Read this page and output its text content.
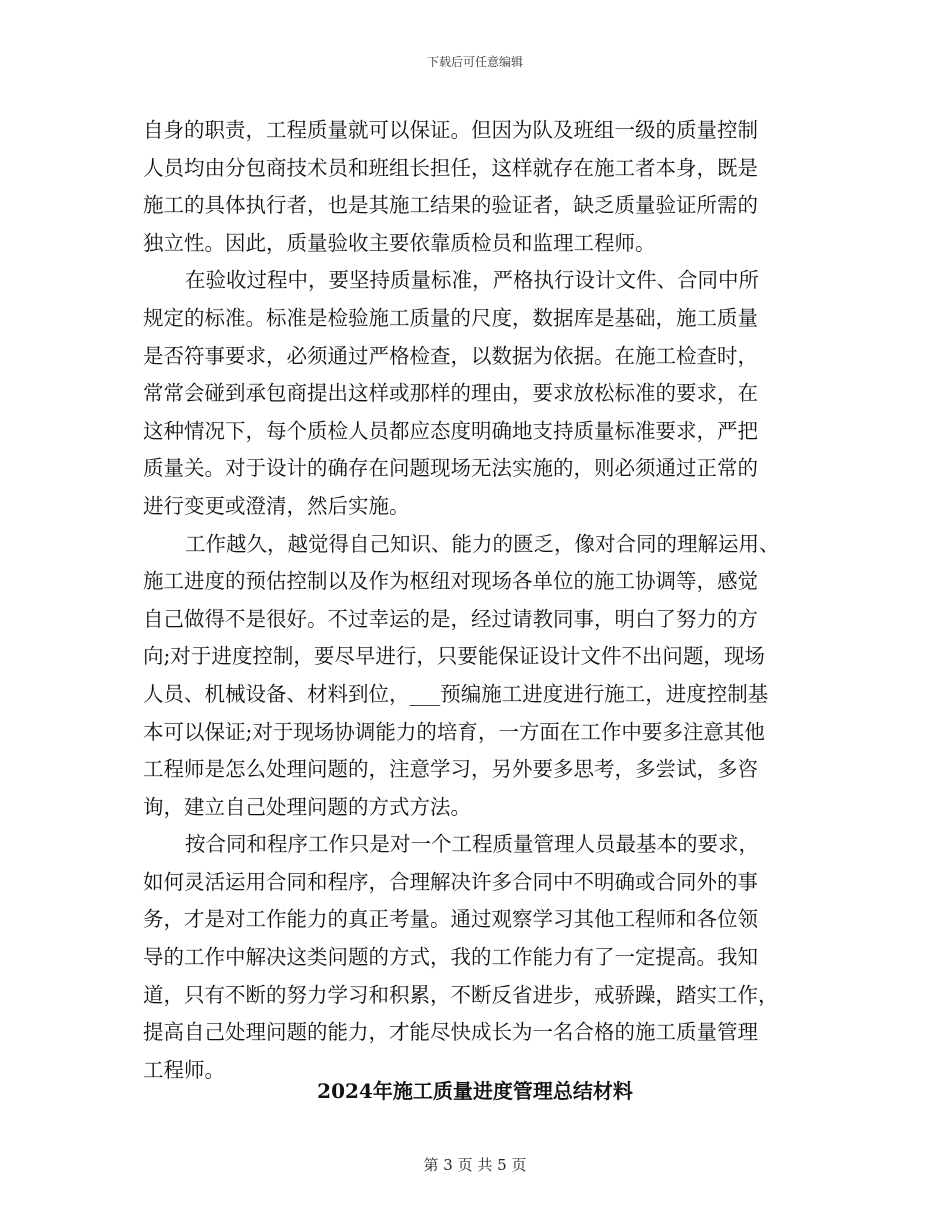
下载后可任意编辑
自身的职责，工程质量就可以保证。但因为队及班组一级的质量控制
人员均由分包商技术员和班组长担任，这样就存在施工者本身，既是
施工的具体执行者，也是其施工结果的验证者，缺乏质量验证所需的
独立性。因此，质量验收主要依靠质检员和监理工程师。
在验收过程中，要坚持质量标准，严格执行设计文件、合同中所
规定的标准。标准是检验施工质量的尺度，数据库是基础，施工质量
是否符事要求，必须通过严格检查，以数据为依据。在施工检查时，
常常会碰到承包商提出这样或那样的理由，要求放松标准的要求，在
这种情况下，每个质检人员都应态度明确地支持质量标准要求，严把
质量关。对于设计的确存在问题现场无法实施的，则必须通过正常的
进行变更或澄清，然后实施。
工作越久，越觉得自己知识、能力的匮乏，像对合同的理解运用、
施工进度的预估控制以及作为枢纽对现场各单位的施工协调等，感觉
自己做得不是很好。不过幸运的是，经过请教同事，明白了努力的方
向;对于进度控制，要尽早进行，只要能保证设计文件不出问题，现场
人员、机械设备、材料到位，___预编施工进度进行施工，进度控制基
本可以保证;对于现场协调能力的培育，一方面在工作中要多注意其他
工程师是怎么处理问题的，注意学习，另外要多思考，多尝试，多咨
询，建立自己处理问题的方式方法。
按合同和程序工作只是对一个工程质量管理人员最基本的要求，
如何灵活运用合同和程序，合理解决许多合同中不明确或合同外的事
务，才是对工作能力的真正考量。通过观察学习其他工程师和各位领
导的工作中解决这类问题的方式，我的工作能力有了一定提高。我知
道，只有不断的努力学习和积累，不断反省进步，戒骄躁，踏实工作，
提高自己处理问题的能力，才能尽快成长为一名合格的施工质量管理
工程师。
2024年施工质量进度管理总结材料
第 3 页 共 5 页
